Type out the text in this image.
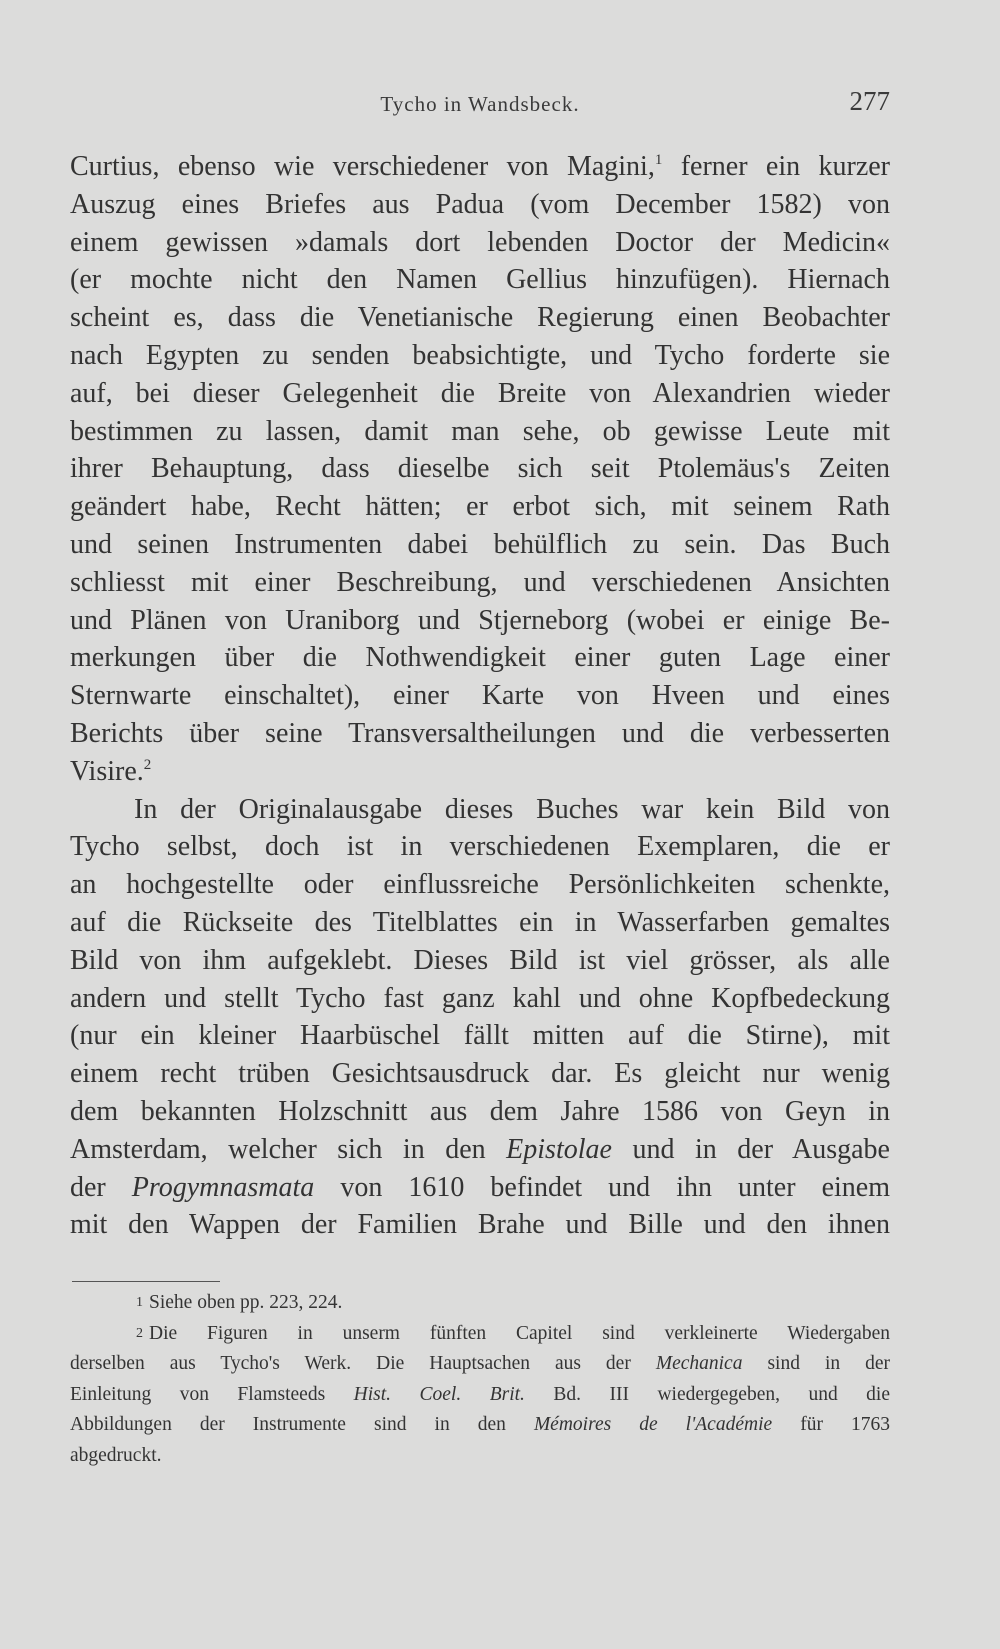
Tycho in Wandsbeck.	277
Curtius, ebenso wie verschiedener von Magini,$^1$ ferner ein kurzer
Auszug eines Briefes aus Padua (vom December 1582) von
einem gewissen »damals dort lebenden Doctor der Medicin«
(er mochte nicht den Namen Gellius hinzufügen). Hiernach
scheint es, dass die Venetianische Regierung einen Beobachter
nach Egypten zu senden beabsichtigte, und Tycho forderte sie
auf, bei dieser Gelegenheit die Breite von Alexandrien wieder
bestimmen zu lassen, damit man sehe, ob gewisse Leute mit
ihrer Behauptung, dass dieselbe sich seit Ptolemäus's Zeiten
geändert habe, Recht hätten; er erbot sich, mit seinem Rath
und seinen Instrumenten dabei behülflich zu sein. Das Buch
schliesst mit einer Beschreibung, und verschiedenen Ansichten
und Plänen von Uraniborg und Stjerneborg (wobei er einige Be-
merkungen über die Nothwendigkeit einer guten Lage einer
Sternwarte einschaltet), einer Karte von Hveen und eines
Berichts über seine Transversaltheilungen und die verbesserten
Visire.$^2$
In der Originalausgabe dieses Buches war kein Bild von
Tycho selbst, doch ist in verschiedenen Exemplaren, die er
an hochgestellte oder einflussreiche Persönlichkeiten schenkte,
auf die Rückseite des Titelblattes ein in Wasserfarben gemaltes
Bild von ihm aufgeklebt. Dieses Bild ist viel grösser, als alle
andern und stellt Tycho fast ganz kahl und ohne Kopfbedeckung
(nur ein kleiner Haarbüschel fällt mitten auf die Stirne), mit
einem recht trüben Gesichtsausdruck dar. Es gleicht nur wenig
dem bekannten Holzschnitt aus dem Jahre 1586 von Geyn in
Amsterdam, welcher sich in den Epistolae und in der Ausgabe
der Progymnasmata von 1610 befindet und ihn unter einem
mit den Wappen der Familien Brahe und Bille und den ihnen
1 Siehe oben pp. 223, 224.
2 Die Figuren in unserm fünften Capitel sind verkleinerte Wiedergaben
derselben aus Tycho's Werk. Die Hauptsachen aus der Mechanica sind in der
Einleitung von Flamsteeds Hist. Coel. Brit. Bd. III wiedergegeben, und die
Abbildungen der Instrumente sind in den Mémoires de l'Académie für 1763
abgedruckt.
